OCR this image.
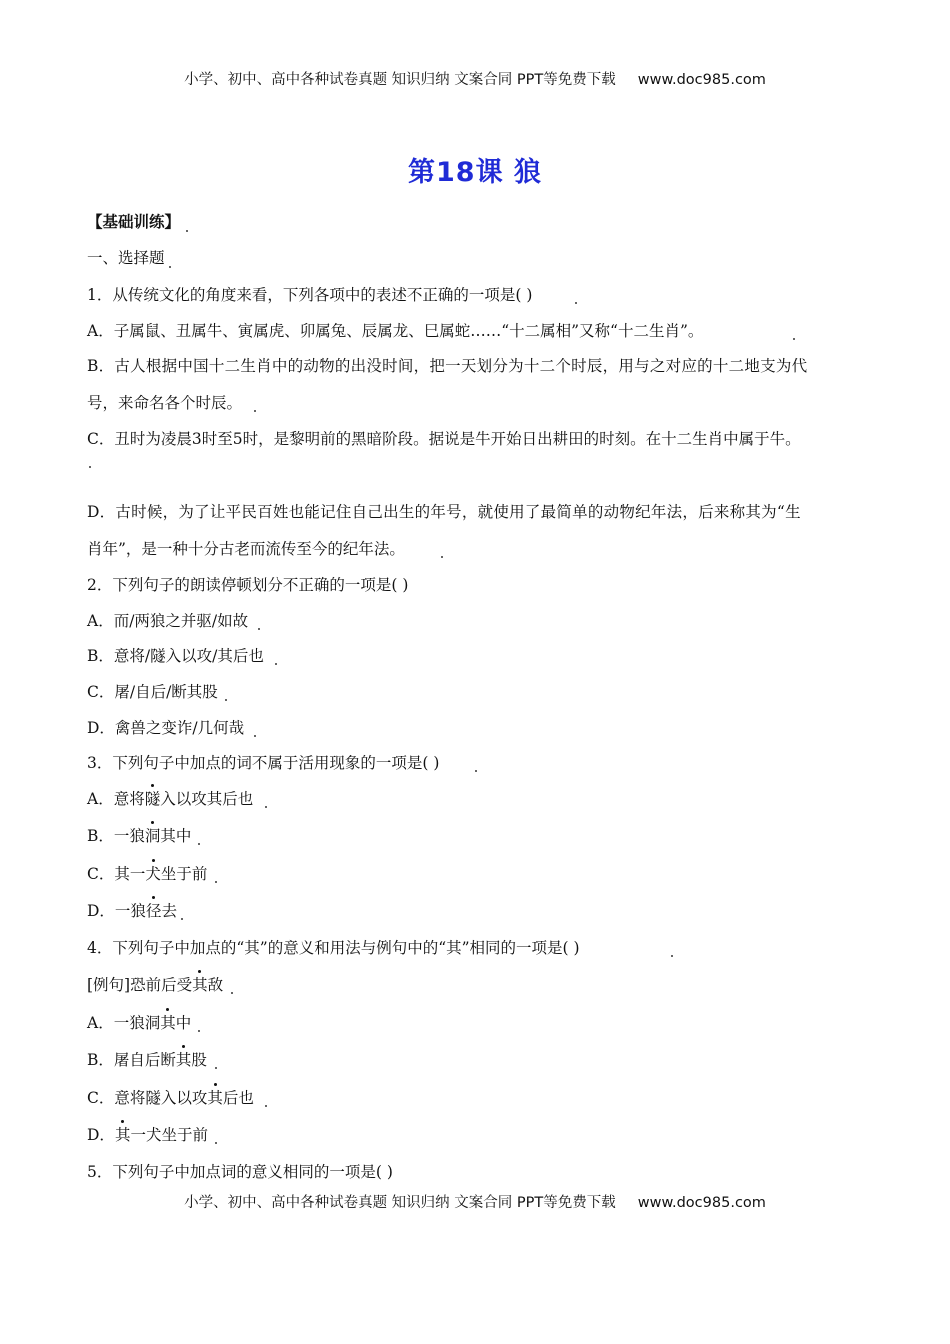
小学、初中、高中各种试卷真题 知识归纳 文案合同 PPT等免费下载 www.doc985.com
第18课 狼
【基础训练】
一、选择题
1．从传统文化的角度来看，下列各项中的表述不正确的一项是( )
A．子属鼠、丑属牛、寅属虎、卯属兔、辰属龙、巳属蛇……“十二属相”又称“十二生肖”。
B．古人根据中国十二生肖中的动物的出没时间，把一天划分为十二个时辰，用与之对应的十二地支为代
号，来命名各个时辰。
C．丑时为凌晨3时至5时，是黎明前的黑暗阶段。据说是牛开始日出耕田的时刻。在十二生肖中属于牛。
D．古时候，为了让平民百姓也能记住自己出生的年号，就使用了最简单的动物纪年法，后来称其为“生
肖年”，是一种十分古老而流传至今的纪年法。
2．下列句子的朗读停顿划分不正确的一项是( )
A．而/两狼之并驱/如故
B．意将/隧入以攻/其后也
C．屠/自后/断其股
D．禽兽之变诈/几何哉
3．下列句子中加点的词不属于活用现象的一项是( )
A．意将隧入以攻其后也
B．一狼洞其中
C．其一犬坐于前
D．一狼径去
4．下列句子中加点的“其”的意义和用法与例句中的“其”相同的一项是( )
[例句]恐前后受其敌
A．一狼洞其中
B．屠自后断其股
C．意将隧入以攻其后也
D．其一犬坐于前
5．下列句子中加点词的意义相同的一项是( )
小学、初中、高中各种试卷真题 知识归纳 文案合同 PPT等免费下载 www.doc985.com
